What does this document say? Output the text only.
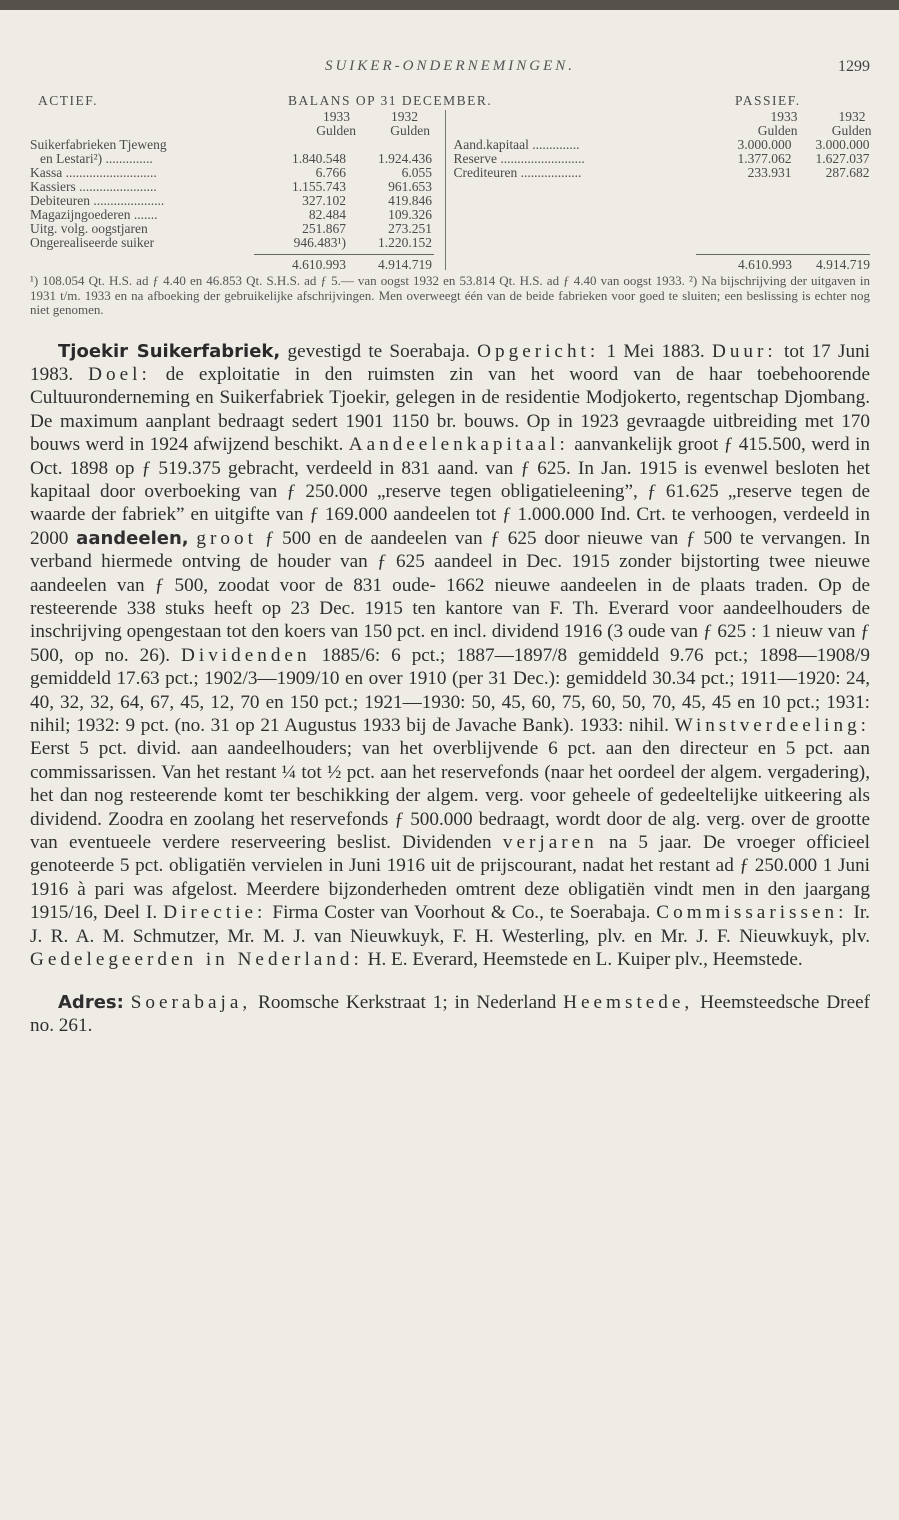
SUIKER-ONDERNEMINGEN.	1299
ACTIEF.	BALANS OP 31 DECEMBER.	PASSIEF.
1933	1932
Gulden	Gulden
Suikerfabrieken Tjeweng
en Lestari²) ..............	1.840.548	1.924.436
Kassa ...........................	6.766	6.055
Kassiers .......................	1.155.743	961.653
Debiteuren .....................	327.102	419.846
Magazijngoederen .......	82.484	109.326
Uitg. volg. oogstjaren	251.867	273.251
Ongerealiseerde suiker	946.483¹)	1.220.152
1933	1932
Gulden	Gulden
Aand.kapitaal ..............	3.000.000	3.000.000
Reserve .........................	1.377.062	1.627.037
Crediteuren ..................	233.931	287.682
4.610.993	4.914.719	4.610.993	4.914.719
¹) 108.054 Qt. H.S. ad ƒ 4.40 en 46.853 Qt. S.H.S. ad ƒ 5.— van oogst 1932 en 53.814 Qt. H.S. ad ƒ 4.40 van oogst 1933. ²) Na bijschrijving der uitgaven in 1931 t/m. 1933 en na afboeking der gebruikelijke afschrijvingen. Men overweegt één van de beide fabrieken voor goed te sluiten; een beslissing is echter nog niet genomen.

Tjoekir Suikerfabriek, gevestigd te Soerabaja. Opgericht: 1 Mei 1883. Duur: tot 17 Juni 1983. Doel: de exploitatie in den ruimsten zin van het woord van de haar toebehoorende Cultuuronderneming en Suikerfabriek Tjoekir, gelegen in de residentie Modjokerto, regentschap Djombang. De maximum aanplant bedraagt sedert 1901 1150 br. bouws. Op in 1923 gevraagde uitbreiding met 170 bouws werd in 1924 afwijzend beschikt. Aandeelenkapitaal: aanvankelijk groot ƒ 415.500, werd in Oct. 1898 op ƒ 519.375 gebracht, verdeeld in 831 aand. van ƒ 625. In Jan. 1915 is evenwel besloten het kapitaal door overboeking van ƒ 250.000 „reserve tegen obligatieleening”, ƒ 61.625 „reserve tegen de waarde der fabriek” en uitgifte van ƒ 169.000 aandeelen tot ƒ 1.000.000 Ind. Crt. te verhoogen, verdeeld in 2000 aandeelen, groot ƒ 500 en de aandeelen van ƒ 625 door nieuwe van ƒ 500 te vervangen. In verband hiermede ontving de houder van ƒ 625 aandeel in Dec. 1915 zonder bijstorting twee nieuwe aandeelen van ƒ 500, zoodat voor de 831 oude- 1662 nieuwe aandeelen in de plaats traden. Op de resteerende 338 stuks heeft op 23 Dec. 1915 ten kantore van F. Th. Everard voor aandeelhouders de inschrijving opengestaan tot den koers van 150 pct. en incl. dividend 1916 (3 oude van ƒ 625 : 1 nieuw van ƒ 500, op no. 26). Dividenden 1885/6: 6 pct.; 1887—1897/8 gemiddeld 9.76 pct.; 1898—1908/9 gemiddeld 17.63 pct.; 1902/3—1909/10 en over 1910 (per 31 Dec.): gemiddeld 30.34 pct.; 1911—1920: 24, 40, 32, 32, 64, 67, 45, 12, 70 en 150 pct.; 1921—1930: 50, 45, 60, 75, 60, 50, 70, 45, 45 en 10 pct.; 1931: nihil; 1932: 9 pct. (no. 31 op 21 Augustus 1933 bij de Javache Bank). 1933: nihil. Winstverdeeling: Eerst 5 pct. divid. aan aandeelhouders; van het overblijvende 6 pct. aan den directeur en 5 pct. aan commissarissen. Van het restant ¼ tot ½ pct. aan het reservefonds (naar het oordeel der algem. vergadering), het dan nog resteerende komt ter beschikking der algem. verg. voor geheele of gedeeltelijke uitkeering als dividend. Zoodra en zoolang het reservefonds ƒ 500.000 bedraagt, wordt door de alg. verg. over de grootte van eventueele verdere reserveering beslist. Dividenden verjaren na 5 jaar. De vroeger officieel genoteerde 5 pct. obligatiën vervielen in Juni 1916 uit de prijscourant, nadat het restant ad ƒ 250.000 1 Juni 1916 à pari was afgelost. Meerdere bijzonderheden omtrent deze obligatiën vindt men in den jaargang 1915/16, Deel I. Directie: Firma Coster van Voorhout & Co., te Soerabaja. Commissarissen: Ir. J. R. A. M. Schmutzer, Mr. M. J. van Nieuwkuyk, F. H. Westerling, plv. en Mr. J. F. Nieuwkuyk, plv. Gedelegeerden in Nederland: H. E. Everard, Heemstede en L. Kuiper plv., Heemstede.

Adres: Soerabaja, Roomsche Kerkstraat 1; in Nederland Heemstede, Heemsteedsche Dreef no. 261.
